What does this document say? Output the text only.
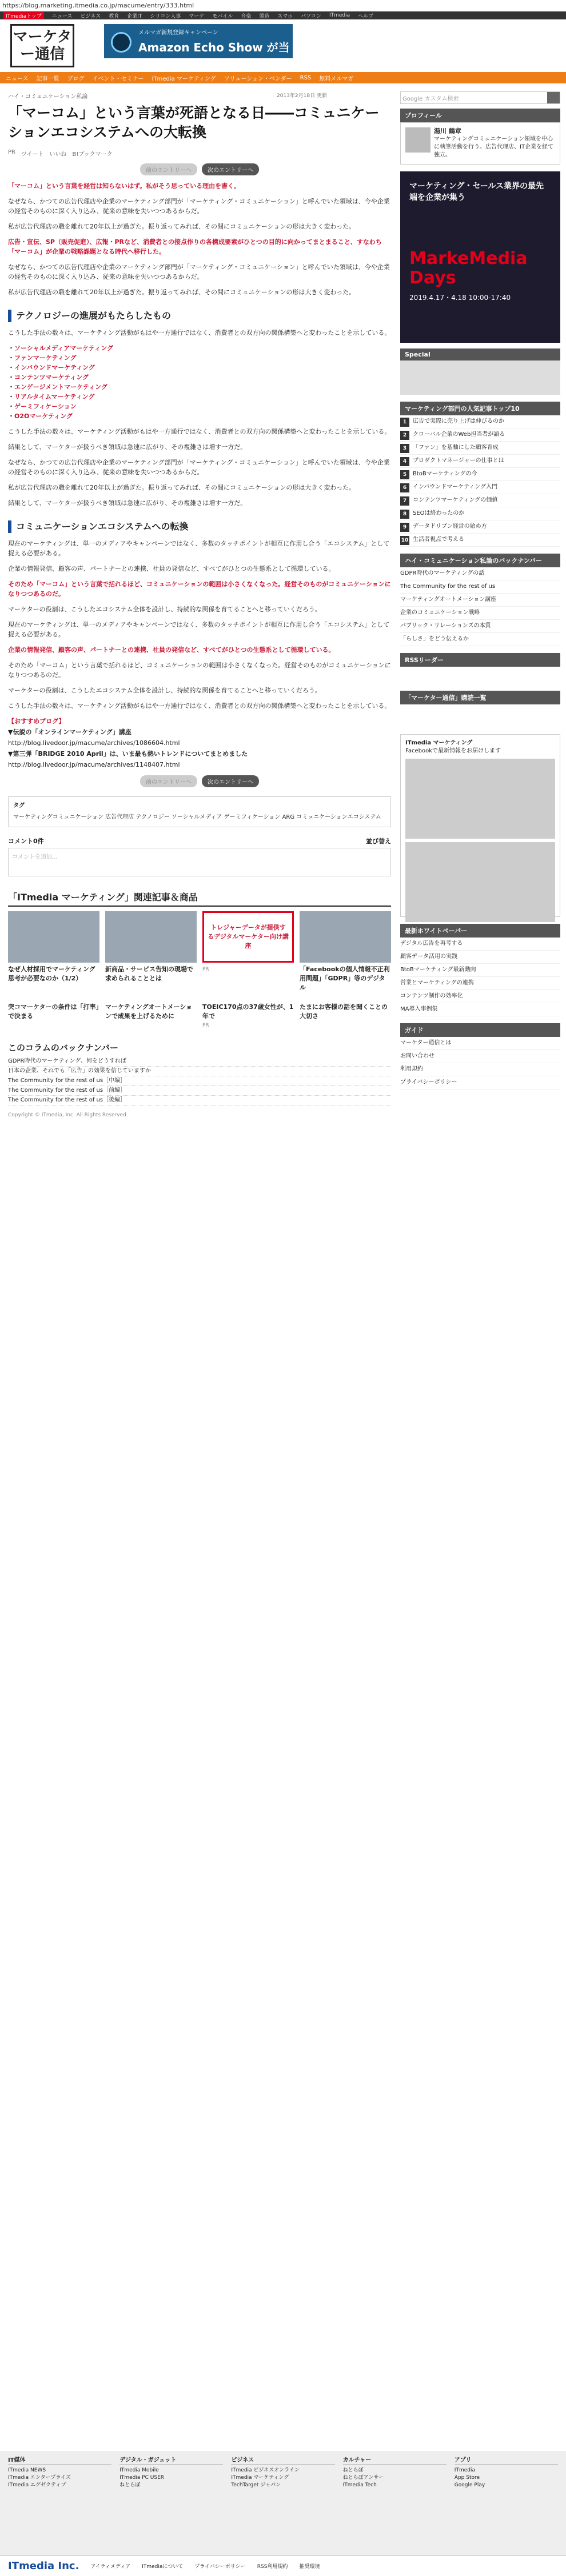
https://blog.marketing.itmedia.co.jp/macume/entry/333.html
ITmediaトップ	ニュース ビジネス 教育 企業IT シリコン人事 マーケ モバイル 音楽 製造 スマホ パソコン ITmedia ヘルプ
マーケター通信
メルマガ新規登録キャンペーン
Amazon Echo Show が当たる
ニュース 記事一覧 ブログ イベント・セミナー ITmedia マーケティング ソリューション・ベンダー RSS 無料メルマガ
ハイ・コミュニケーション私論	2013年2月18日 更新
「マーコム」という言葉が死語となる日――コミュニケーションエコシステムへの大転換
PR ツイート いいね B!ブックマーク
前のエントリーへ	次のエントリーへ

「マーコム」という言葉を経営は知らないはず。私がそう思っている理由を書く。

なぜなら、かつての広告代理店や企業のマーケティング部門が「マーケティング・コミュニケーション」と呼んでいた領域は、今や企業の経営そのものに深く入り込み、従来の意味を失いつつあるからだ。

私が広告代理店の職を離れて20年以上が過ぎた。振り返ってみれば、その間にコミュニケーションの形は大きく変わった。

広告・宣伝、SP（販売促進）、広報・PRなど、消費者との接点作りの各構成要素がひとつの目的に向かってまとまること、すなわち「マーコム」が企業の戦略課題となる時代へ移行した。

なぜなら、かつての広告代理店や企業のマーケティング部門が「マーケティング・コミュニケーション」と呼んでいた領域は、今や企業の経営そのものに深く入り込み、従来の意味を失いつつあるからだ。

私が広告代理店の職を離れて20年以上が過ぎた。振り返ってみれば、その間にコミュニケーションの形は大きく変わった。

テクノロジーの進展がもたらしたもの

こうした手法の数々は、マーケティング活動がもはや一方通行ではなく、消費者との双方向の関係構築へと変わったことを示している。

・ ソーシャルメディアマーケティング
・ ファンマーケティング
・ インバウンドマーケティング
・ コンテンツマーケティング
・ エンゲージメントマーケティング
・ リアルタイムマーケティング
・ ゲーミフィケーション
・ O2Oマーケティング

こうした手法の数々は、マーケティング活動がもはや一方通行ではなく、消費者との双方向の関係構築へと変わったことを示している。

結果として、マーケターが扱うべき領域は急速に広がり、その複雑さは増す一方だ。

なぜなら、かつての広告代理店や企業のマーケティング部門が「マーケティング・コミュニケーション」と呼んでいた領域は、今や企業の経営そのものに深く入り込み、従来の意味を失いつつあるからだ。

私が広告代理店の職を離れて20年以上が過ぎた。振り返ってみれば、その間にコミュニケーションの形は大きく変わった。

結果として、マーケターが扱うべき領域は急速に広がり、その複雑さは増す一方だ。

コミュニケーションエコシステムへの転換

現在のマーケティングは、単一のメディアやキャンペーンではなく、多数のタッチポイントが相互に作用し合う「エコシステム」として捉える必要がある。

企業の情報発信、顧客の声、パートナーとの連携、社員の発信など、すべてがひとつの生態系として循環している。

そのため「マーコム」という言葉で括れるほど、コミュニケーションの範囲は小さくなくなった。経営そのものがコミュニケーションになりつつあるのだ。

マーケターの役割は、こうしたエコシステム全体を設計し、持続的な関係を育てることへと移っていくだろう。

現在のマーケティングは、単一のメディアやキャンペーンではなく、多数のタッチポイントが相互に作用し合う「エコシステム」として捉える必要がある。

企業の情報発信、顧客の声、パートナーとの連携、社員の発信など、すべてがひとつの生態系として循環している。

そのため「マーコム」という言葉で括れるほど、コミュニケーションの範囲は小さくなくなった。経営そのものがコミュニケーションになりつつあるのだ。

マーケターの役割は、こうしたエコシステム全体を設計し、持続的な関係を育てることへと移っていくだろう。

こうした手法の数々は、マーケティング活動がもはや一方通行ではなく、消費者との双方向の関係構築へと変わったことを示している。

【おすすめブログ】

▼伝説の「オンラインマーケティング」講座

http://blog.livedoor.jp/macume/archives/1086604.html

▼第三弾「BRIDGE 2010 April」は、いま最も熱いトレンドについてまとめました

http://blog.livedoor.jp/macume/archives/1148407.html

前のエントリーへ	次のエントリーへ
タグ
マーケティングコミュニケーション 広告代理店 テクノロジー ソーシャルメディア ゲーミフィケーション ARG コミュニケーションエコシステム
コメント0件	並び替え
コメントを追加...
「ITmedia マーケティング」関連記事＆商品
なぜ人材採用でマーケティング思考が必要なのか（1/2）
新商品・サービス告知の現場で求められることとは
トレジャーデータが提供するデジタルマーケター向け講座
PR	「Facebookの個人情報不正利用問題」「GDPR」等のデジタル
突コマーケターの条件は「打率」で決まる
マーケティングオートメーションで成果を上げるために
TOEIC170点の37歳女性が、1年で
PR
たまにお客様の話を聞くことの大切さ
このコラムのバックナンバー
GDPR時代のマーケティング、何をどうすれば
日本の企業、それでも「広告」の効果を信じていますか
The Community for the rest of us［中編］
The Community for the rest of us［前編］
The Community for the rest of us［後編］
Copyright © ITmedia, Inc. All Rights Reserved.
Google カスタム検索
プロフィール
湯川 鶴章
マーケティングコミュニケーション領域を中心に執筆活動を行う。広告代理店、IT企業を経て独立。
マーケティング・セールス業界の最先端を企業が集う
MarkeMedia Days
2019.4.17・4.18 10:00-17:40
Special
マーケティング部門の人気記事トップ10
1	広告で実際に売り上げは伸びるのか
2	クローバル企業のWeb担当者が語る
3	「ファン」を基軸にした顧客育成
4	プロダクトマネージャーの仕事とは
5	BtoBマーケティングの今
6	インバウンドマーケティング入門
7	コンテンツマーケティングの価値
8	SEOは終わったのか
9	データドリブン経営の始め方
10 生活者視点で考える
ハイ・コミュニケーション私論のバックナンバー
GDPR時代のマーケティングの話
The Community for the rest of us
マーケティングオートメーション講座
企業のコミュニケーション戦略
パブリック・リレーションズの本質
「らしさ」をどう伝えるか
RSSリーダー
「マーケター通信」購読一覧
ITmedia マーケティング
Facebookで最新情報をお届けします
最新ホワイトペーパー
デジタル広告を再考する
顧客データ活用の実践
BtoBマーケティング最新動向
営業とマーケティングの連携
コンテンツ制作の効率化
MA導入事例集
ガイド
マーケター通信とは
お問い合わせ
利用規約
プライバシーポリシー
IT媒体
ITmedia NEWS
ITmedia エンタープライズ
ITmedia エグゼクティブ
デジタル・ガジェット
ITmedia Mobile
ITmedia PC USER
ねとらぼ
ビジネス
ITmedia ビジネスオンライン
ITmedia マーケティング
TechTarget ジャパン
カルチャー
ねとらぼ
ねとらぼアンサー
ITmedia Tech
アプリ
ITmedia
App Store
Google Play
ITmedia Inc. アイティメディア ITmediaについて プライバシーポリシー RSS利用規約 推奨環境
